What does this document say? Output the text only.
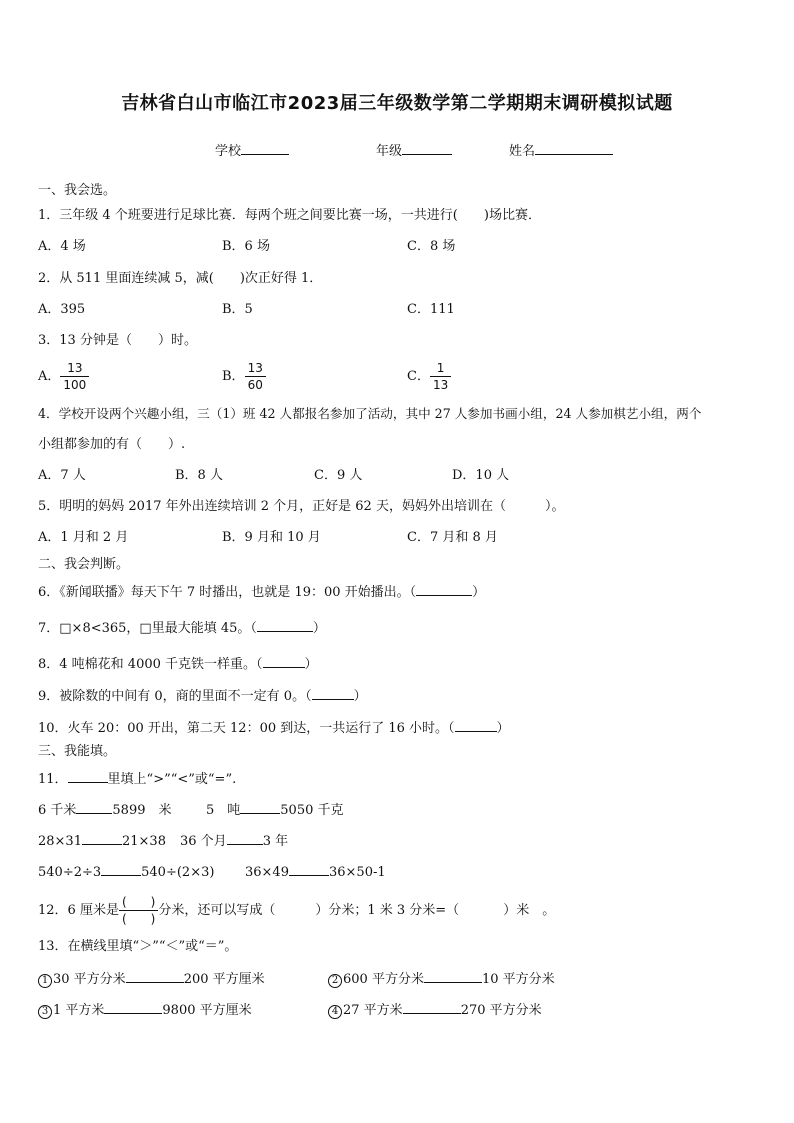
吉林省白山市临江市2023届三年级数学第二学期期末调研模拟试题
学校	年级	姓名
一、我会选。
1．三年级 4 个班要进行足球比赛．每两个班之间要比赛一场，一共进行(　　)场比赛．
A．4 场	B．6 场	C．8 场
2．从 511 里面连续减 5，减(　　)次正好得 1．
A．395	B．5	C．111
3．13 分钟是（　　）时。
A． $\frac{13}{100}$	B． $\frac{13}{60}$	C． $\frac{1}{13}$
4．学校开设两个兴趣小组，三（1）班 42 人都报名参加了活动，其中 27 人参加书画小组，24 人参加棋艺小组，两个
小组都参加的有（　　）.
A．7 人	B．8 人	C．9 人	D．10 人
5．明明的妈妈 2017 年外出连续培训 2 个月，正好是 62 天，妈妈外出培训在（　　　）。
A．1 月和 2 月	B．9 月和 10 月	C．7 月和 8 月
二、我会判断。
6．《新闻联播》每天下午 7 时播出，也就是 19：00 开始播出。（	）
7．□×8<365，□里最大能填 45。（	）
8．4 吨棉花和 4000 千克铁一样重。（	）
9．被除数的中间有 0，商的里面不一定有 0。（	）
10．火车 20：00 开出，第二天 12：00 到达，一共运行了 16 小时。（	）
三、我能填。
11．	里填上“>”“<”或“=”.
6 千米	5899　米	5　吨	5050 千克
28×31	21×38 36 个月	3 年
540÷2÷3	540÷(2×3) 36×49	36×50-1
12．6 厘米是 $\frac{( )}{( )}$ 分米，还可以写成（	）分米；1 米 3 分米=（	）米　。
13．在横线里填“＞”“＜”或“＝”。
1 30 平方分米	200 平方厘米	2 600 平方分米	10 平方分米
3 1 平方米	9800 平方厘米	4 27 平方米	270 平方分米
